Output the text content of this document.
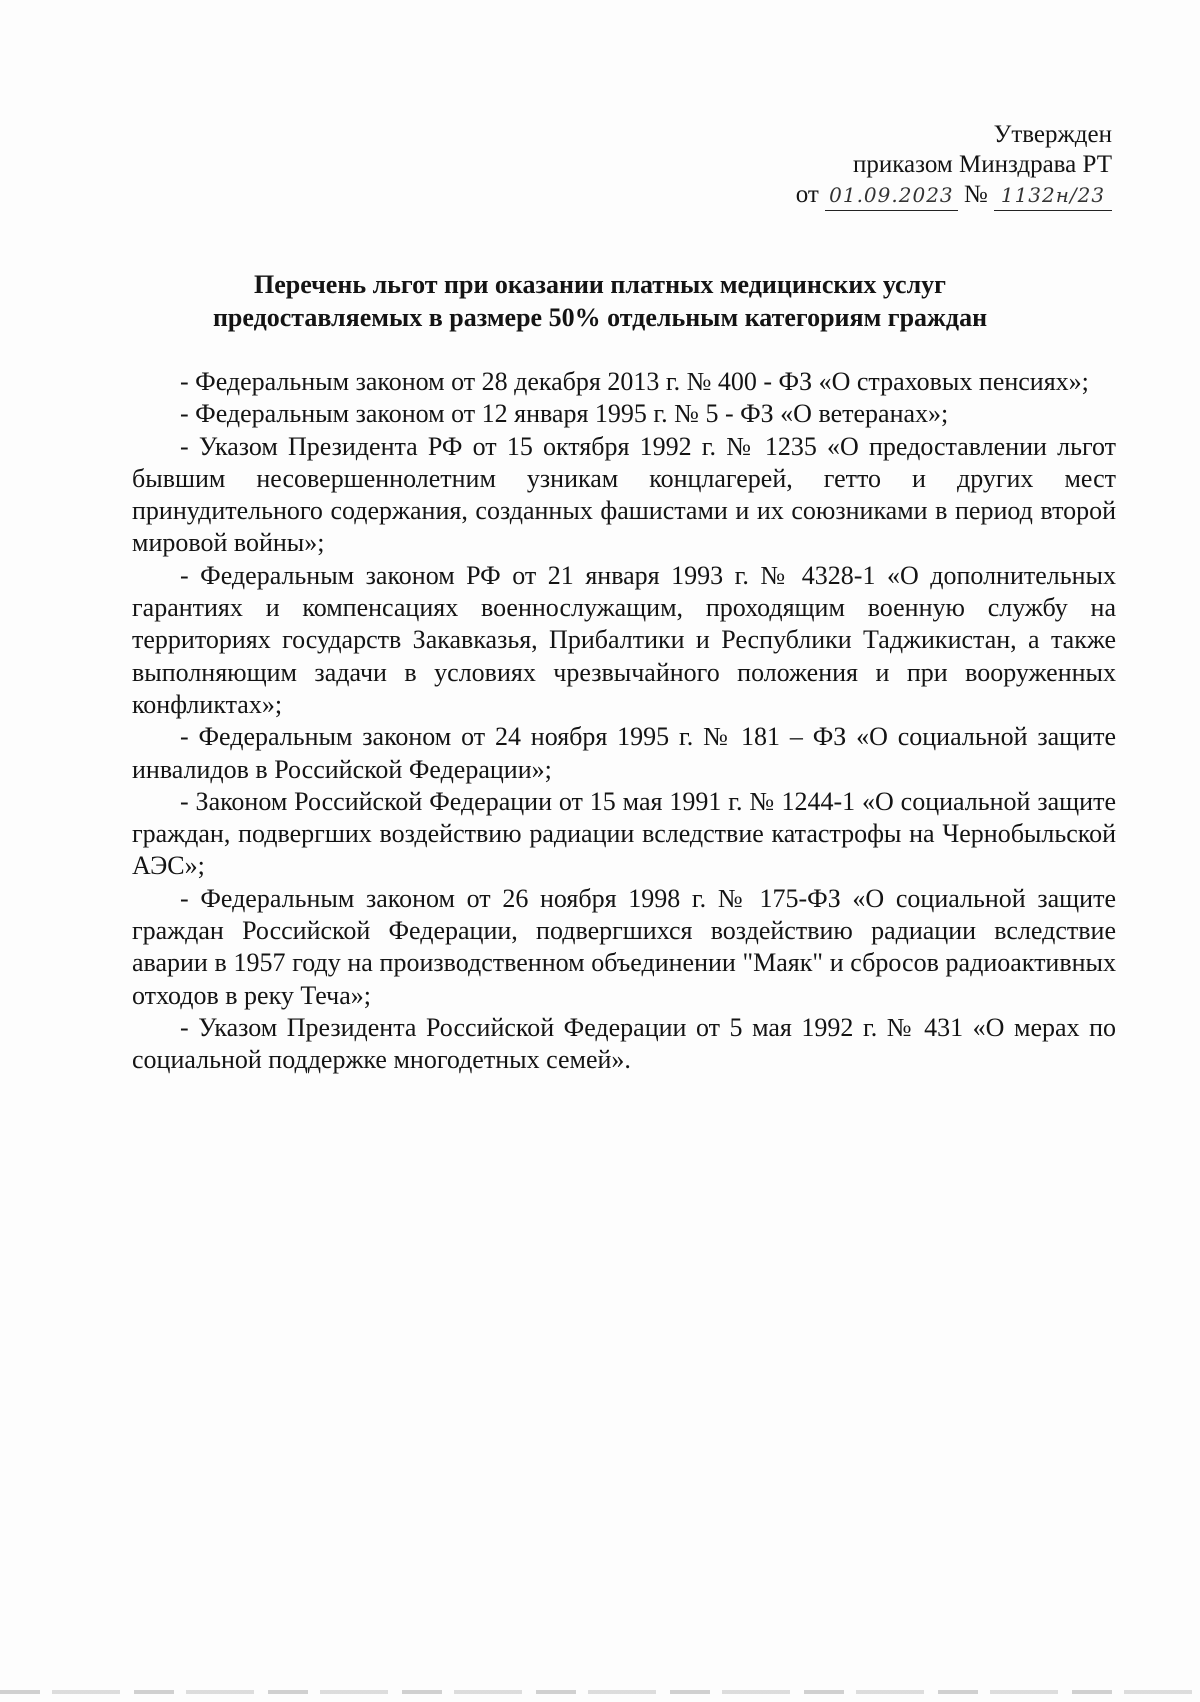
Утвержден
приказом Минздрава РТ
от 01.09.2023 № 1132н/23
Перечень льгот при оказании платных медицинских услуг
предоставляемых в размере 50% отдельным категориям граждан

- Федеральным законом от 28 декабря 2013 г. № 400 - ФЗ «О страховых пенсиях»;

- Федеральным законом от 12 января 1995 г. № 5 - ФЗ «О ветеранах»;

- Указом Президента РФ от 15 октября 1992 г. № 1235 «О предоставлении льгот бывшим несовершеннолетним узникам концлагерей, гетто и других мест принудительного содержания, созданных фашистами и их союзниками в период второй мировой войны»;

- Федеральным законом РФ от 21 января 1993 г. № 4328-1 «О дополнительных гарантиях и компенсациях военнослужащим, проходящим военную службу на территориях государств Закавказья, Прибалтики и Республики Таджикистан, а также выполняющим задачи в условиях чрезвычайного положения и при вооруженных конфликтах»;

- Федеральным законом от 24 ноября 1995 г. № 181 – ФЗ «О социальной защите инвалидов в Российской Федерации»;

- Законом Российской Федерации от 15 мая 1991 г. № 1244-1 «О социальной защите граждан, подвергших воздействию радиации вследствие катастрофы на Чернобыльской АЭС»;

- Федеральным законом от 26 ноября 1998 г. № 175-ФЗ «О социальной защите граждан Российской Федерации, подвергшихся воздействию радиации вследствие аварии в 1957 году на производственном объединении "Маяк" и сбросов радиоактивных отходов в реку Теча»;

- Указом Президента Российской Федерации от 5 мая 1992 г. № 431 «О мерах по социальной поддержке многодетных семей».
